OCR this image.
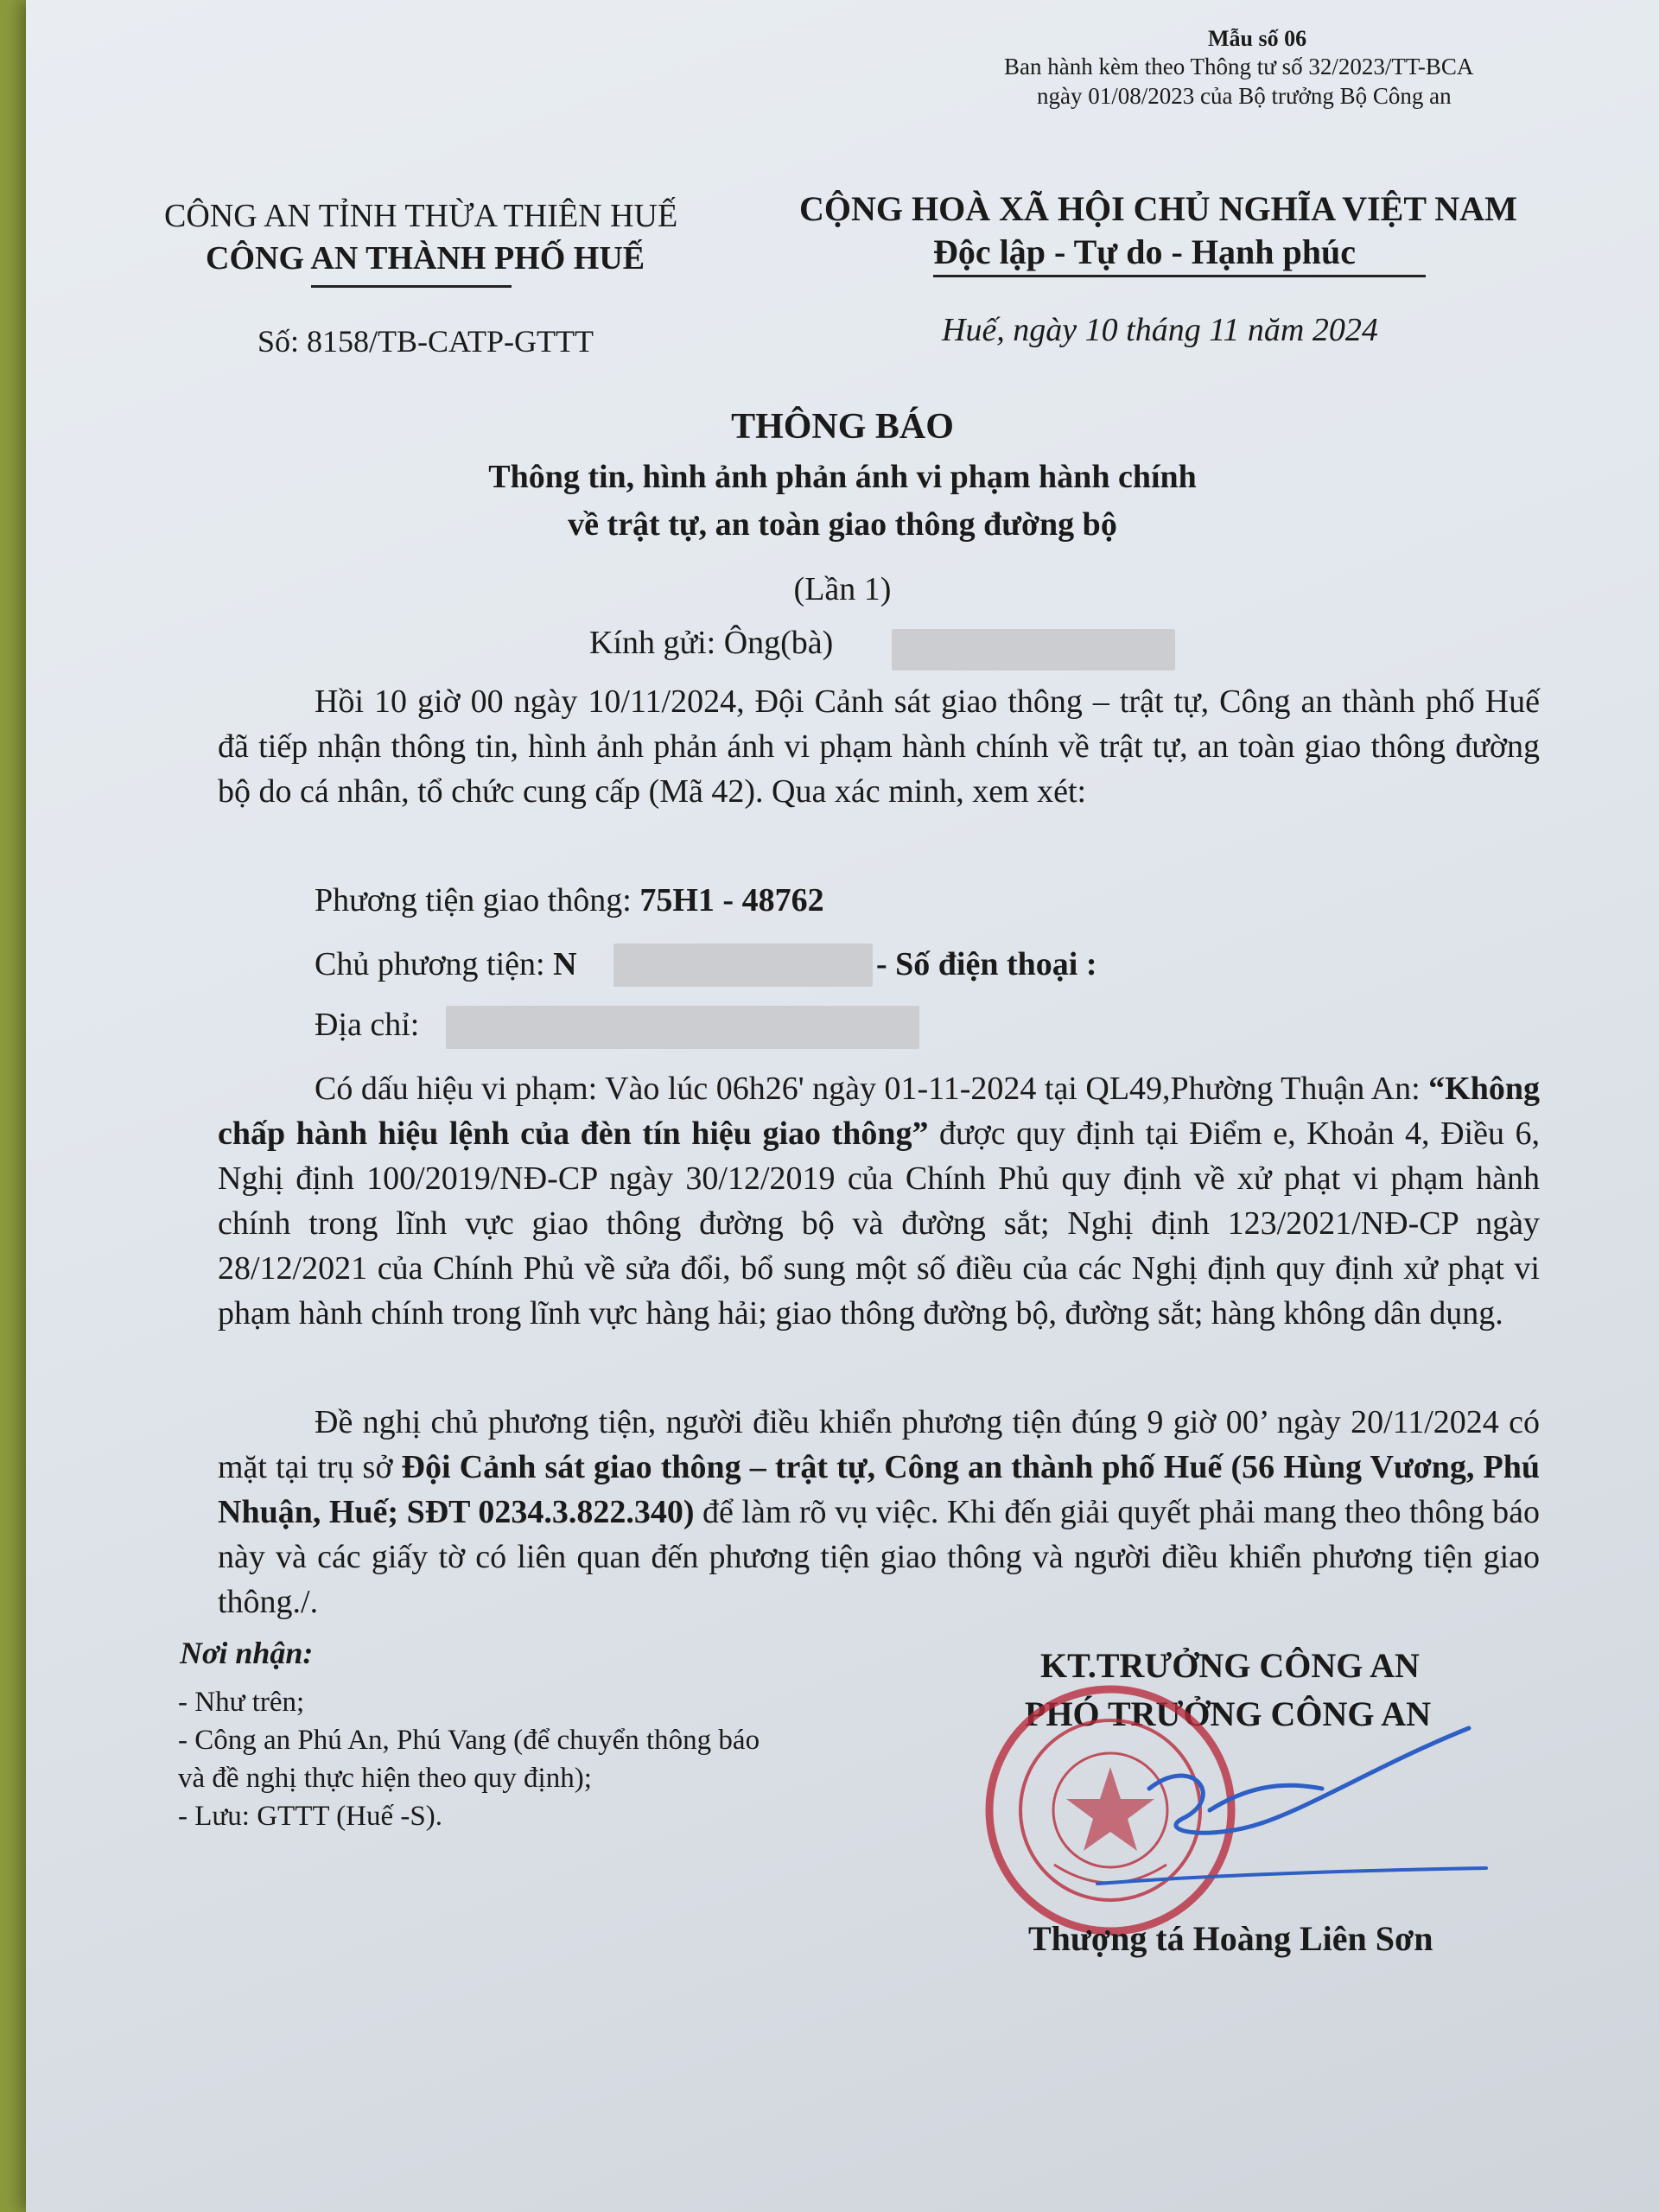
Mẫu số 06
Ban hành kèm theo Thông tư số 32/2023/TT-BCA
ngày 01/08/2023 của Bộ trưởng Bộ Công an
CÔNG AN TỈNH THỪA THIÊN HUẾ
CÔNG AN THÀNH PHỐ HUẾ
Số: 8158/TB-CATP-GTTT
CỘNG HOÀ XÃ HỘI CHỦ NGHĨA VIỆT NAM
Độc lập - Tự do - Hạnh phúc
Huế, ngày 10 tháng 11 năm 2024
THÔNG BÁO
Thông tin, hình ảnh phản ánh vi phạm hành chính
về trật tự, an toàn giao thông đường bộ
(Lần 1)
Kính gửi: Ông(bà)
Hồi 10 giờ 00 ngày 10/11/2024, Đội Cảnh sát giao thông – trật tự, Công an thành phố Huế đã tiếp nhận thông tin, hình ảnh phản ánh vi phạm hành chính về trật tự, an toàn giao thông đường bộ do cá nhân, tổ chức cung cấp (Mã 42). Qua xác minh, xem xét:
Phương tiện giao thông: 75H1 - 48762
Chủ phương tiện: N	- Số điện thoại :
Địa chỉ:
Có dấu hiệu vi phạm: Vào lúc 06h26' ngày 01-11-2024 tại QL49,Phường Thuận An: “Không chấp hành hiệu lệnh của đèn tín hiệu giao thông” được quy định tại Điểm e, Khoản 4, Điều 6, Nghị định 100/2019/NĐ-CP ngày 30/12/2019 của Chính Phủ quy định về xử phạt vi phạm hành chính trong lĩnh vực giao thông đường bộ và đường sắt; Nghị định 123/2021/NĐ-CP ngày 28/12/2021 của Chính Phủ về sửa đổi, bổ sung một số điều của các Nghị định quy định xử phạt vi phạm hành chính trong lĩnh vực hàng hải; giao thông đường bộ, đường sắt; hàng không dân dụng.
Đề nghị chủ phương tiện, người điều khiển phương tiện đúng 9 giờ 00’ ngày 20/11/2024 có mặt tại trụ sở Đội Cảnh sát giao thông – trật tự, Công an thành phố Huế (56 Hùng Vương, Phú Nhuận, Huế; SĐT 0234.3.822.340) để làm rõ vụ việc. Khi đến giải quyết phải mang theo thông báo này và các giấy tờ có liên quan đến phương tiện giao thông và người điều khiển phương tiện giao thông./.
Nơi nhận:
- Như trên;
- Công an Phú An, Phú Vang (để chuyển thông báo
và đề nghị thực hiện theo quy định);
- Lưu: GTTT (Huế -S).
KT.TRƯỞNG CÔNG AN
PHÓ TRƯỞNG CÔNG AN
Thượng tá Hoàng Liên Sơn
